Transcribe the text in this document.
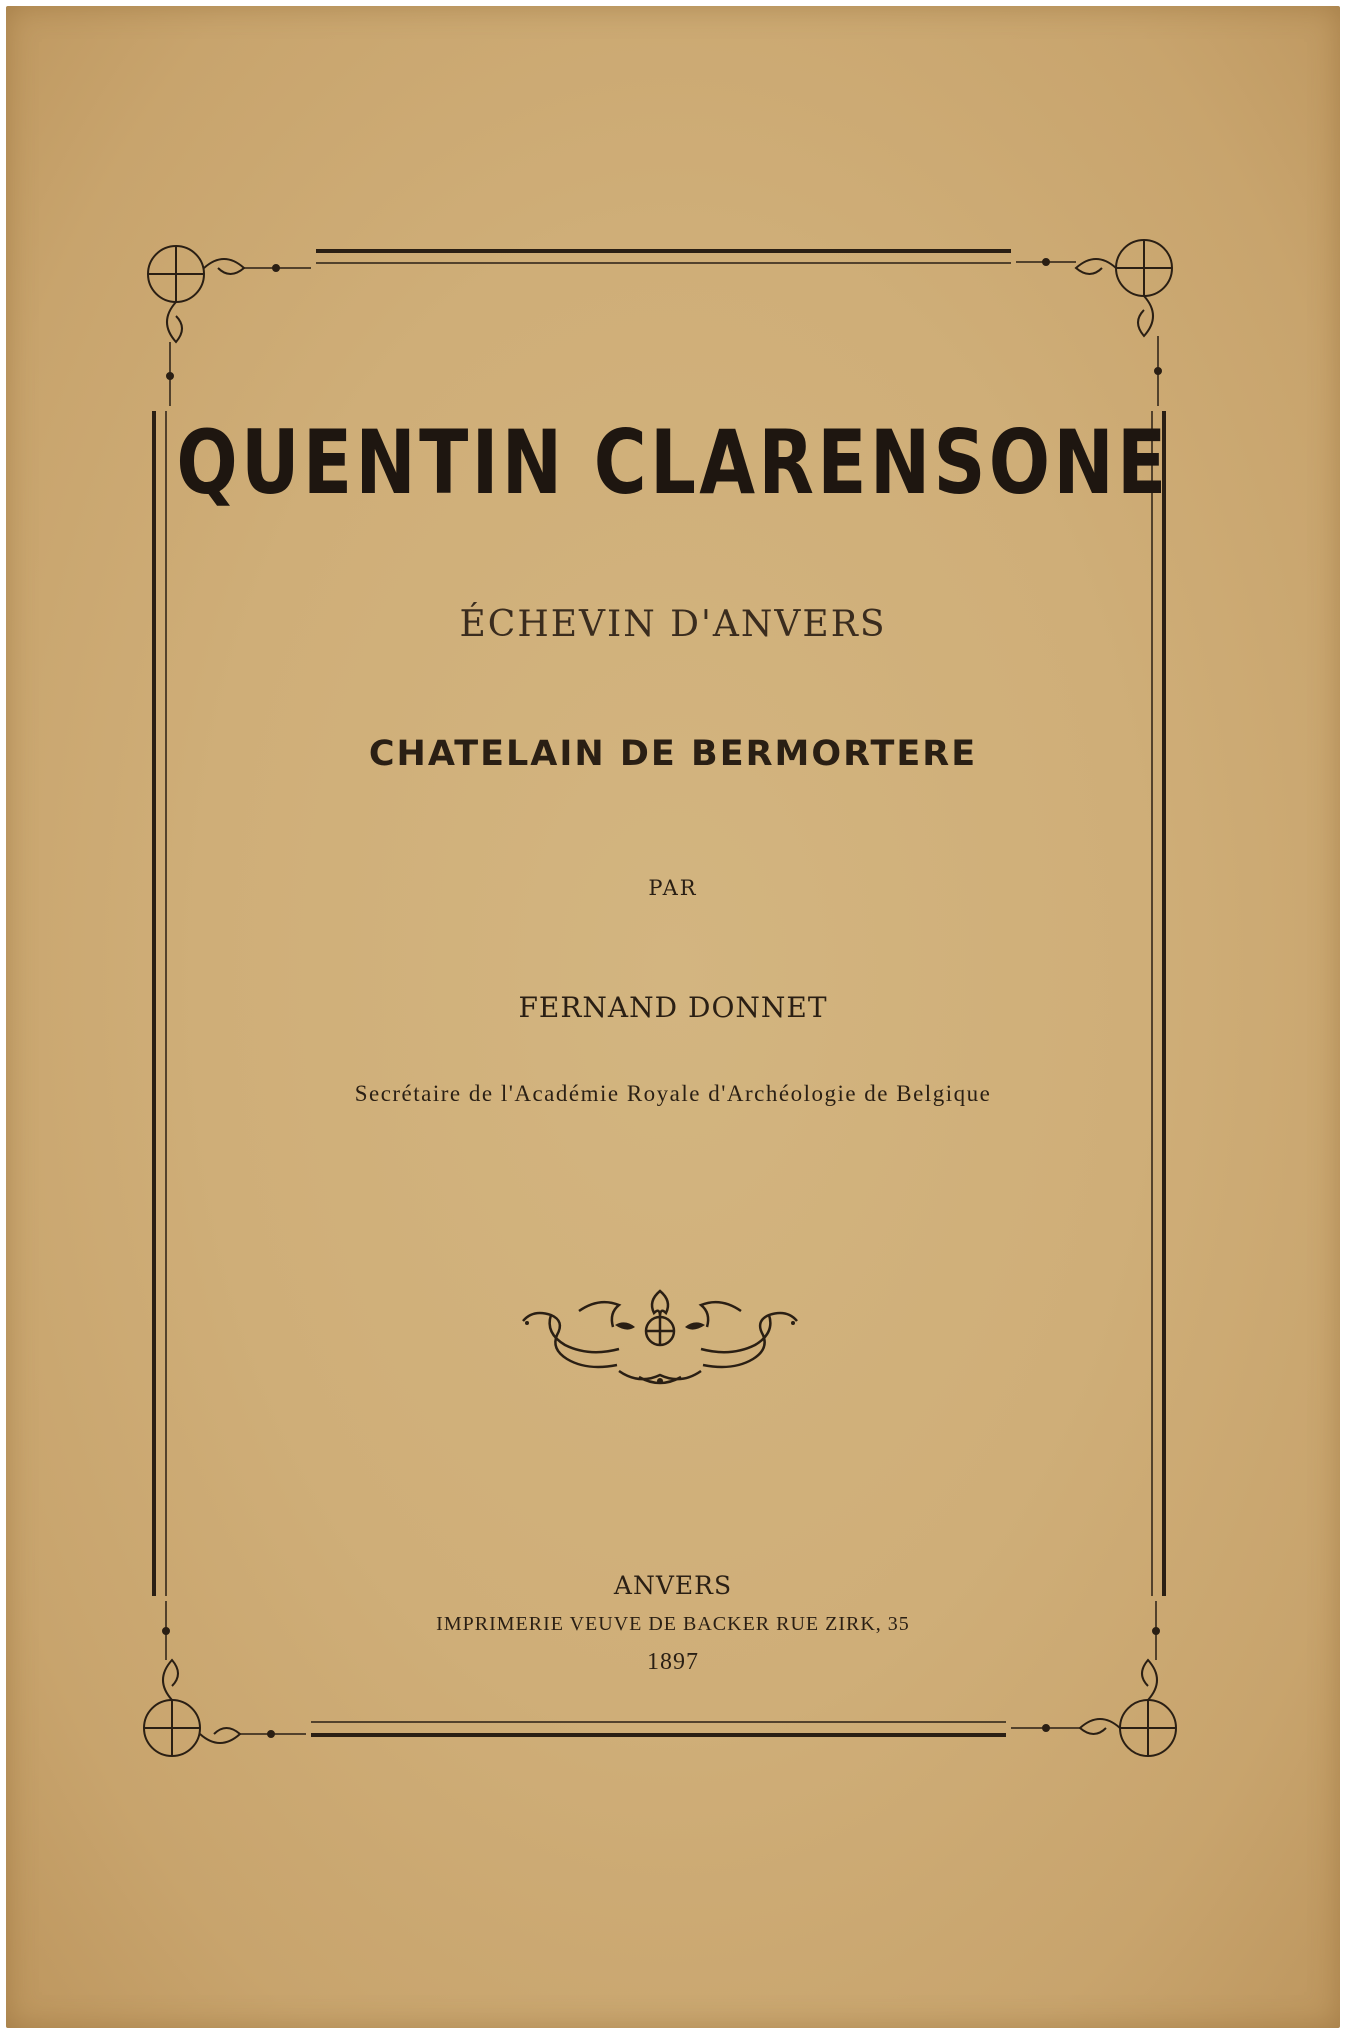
QUENTIN CLARENSONE
ÉCHEVIN D'ANVERS
CHATELAIN DE BERMORTERE
PAR
FERNAND DONNET
Secrétaire de l'Académie Royale d'Archéologie de Belgique
ANVERS
IMPRIMERIE VEUVE DE BACKER RUE ZIRK, 35
1897
